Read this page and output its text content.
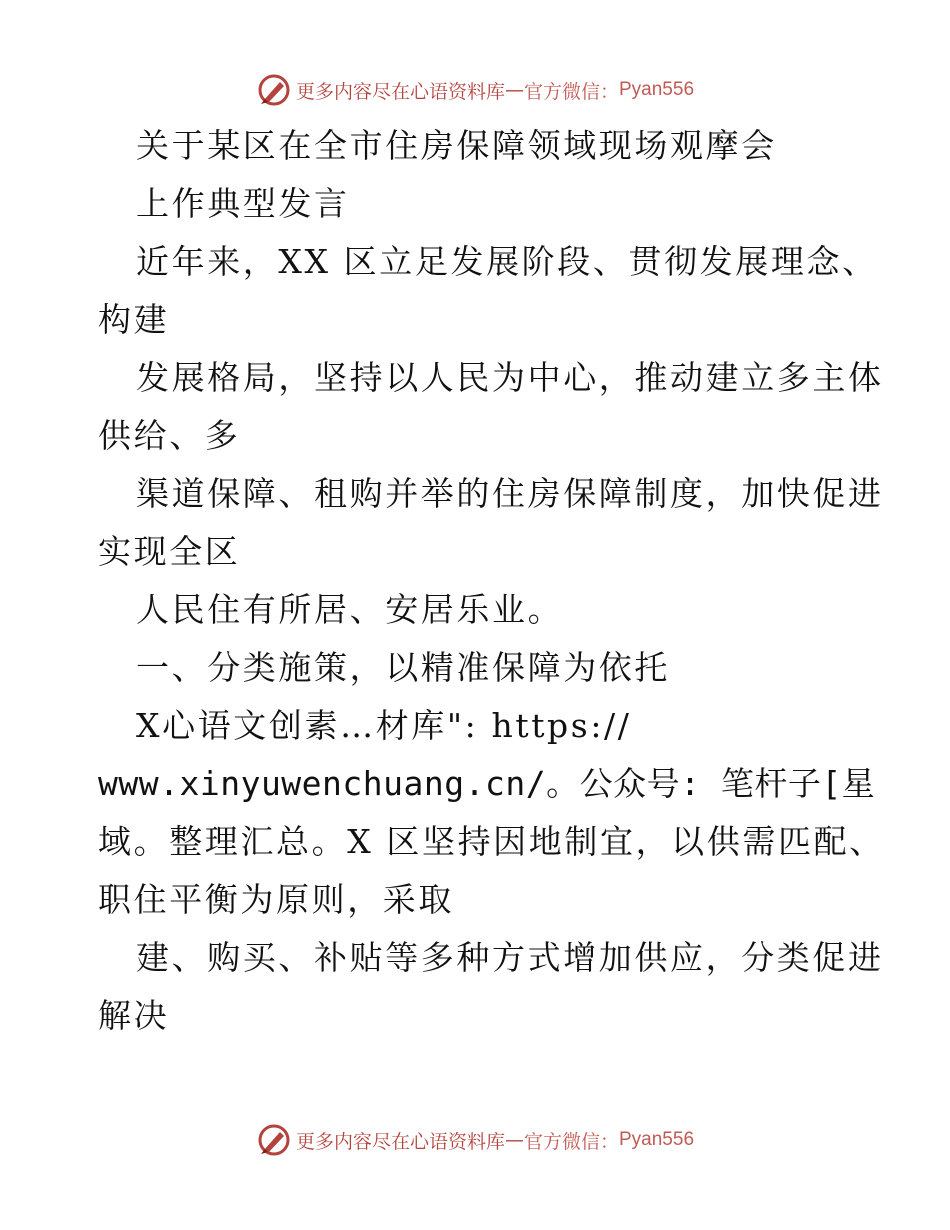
更多内容尽在心语资料库 — 官方微信： Pyan556
关于某区在全市住房保障领域现场观摩会
上作典型发言
近年来，XX 区立足发展阶段、贯彻发展理念、
构建
发展格局，坚持以人民为中心，推动建立多主体
供给、多
渠道保障、租购并举的住房保障制度，加快促进
实现全区
人民住有所居、安居乐业。
一、分类施策，以精准保障为依托
X心语文创素…材库": https://
www.xinyuwenchuang.cn/。公众号: 笔杆子[星
域。整理汇总。X 区坚持因地制宜，以供需匹配、
职住平衡为原则，采取
建、购买、补贴等多种方式增加供应，分类促进
解决
更多内容尽在心语资料库 — 官方微信： Pyan556
